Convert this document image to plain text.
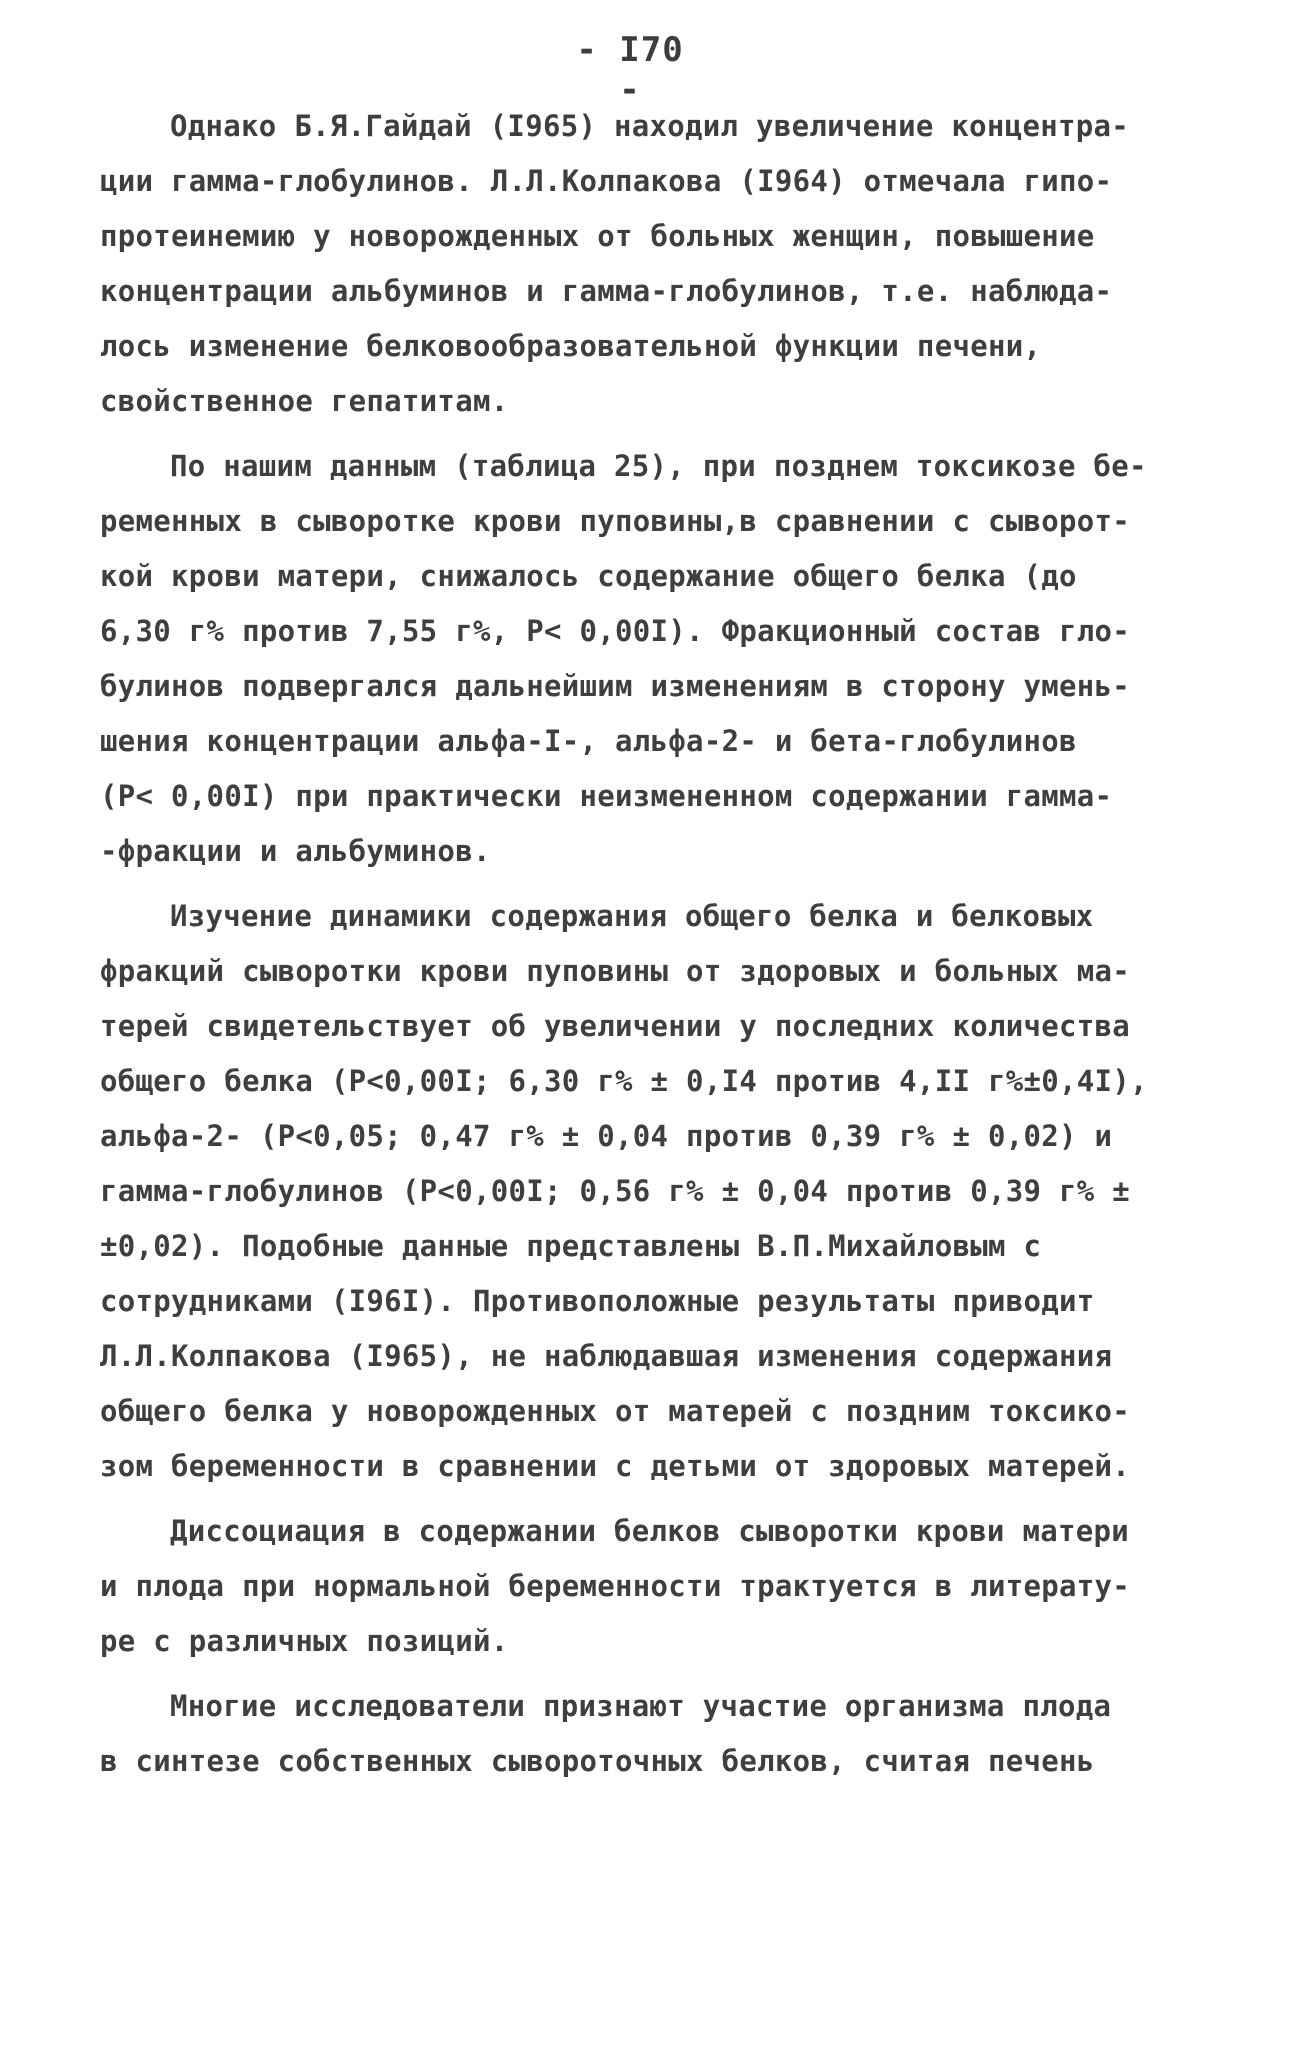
- I70 -
Однако Б.Я.Гайдай (I965) находил увеличение концентра-
ции гамма-глобулинов. Л.Л.Колпакова (I964) отмечала гипо-
протеинемию у новорожденных от больных женщин, повышение
концентрации альбуминов и гамма-глобулинов, т.е. наблюда-
лось изменение белковообразовательной функции печени,
свойственное гепатитам.
По нашим данным (таблица 25), при позднем токсикозе бе-
ременных в сыворотке крови пуповины,в сравнении с сыворот-
кой крови матери, снижалось содержание общего белка (до
6,30 г% против 7,55 г%, Р< 0,00I). Фракционный состав гло-
булинов подвергался дальнейшим изменениям в сторону умень-
шения концентрации альфа-I-, альфа-2- и бета-глобулинов
(Р< 0,00I) при практически неизмененном содержании гамма-
-фракции и альбуминов.
Изучение динамики содержания общего белка и белковых
фракций сыворотки крови пуповины от здоровых и больных ма-
терей свидетельствует об увеличении у последних количества
общего белка (Р<0,00I; 6,30 г% ± 0,I4 против 4,II г%±0,4I),
альфа-2- (Р<0,05; 0,47 г% ± 0,04 против 0,39 г% ± 0,02) и
гамма-глобулинов (Р<0,00I; 0,56 г% ± 0,04 против 0,39 г% ±
±0,02). Подобные данные представлены В.П.Михайловым с
сотрудниками (I96I). Противоположные результаты приводит
Л.Л.Колпакова (I965), не наблюдавшая изменения содержания
общего белка у новорожденных от матерей с поздним токсико-
зом беременности в сравнении с детьми от здоровых матерей.
Диссоциация в содержании белков сыворотки крови матери
и плода при нормальной беременности трактуется в литерату-
ре с различных позиций.
Многие исследователи признают участие организма плода
в синтезе собственных сывороточных белков, считая печень
